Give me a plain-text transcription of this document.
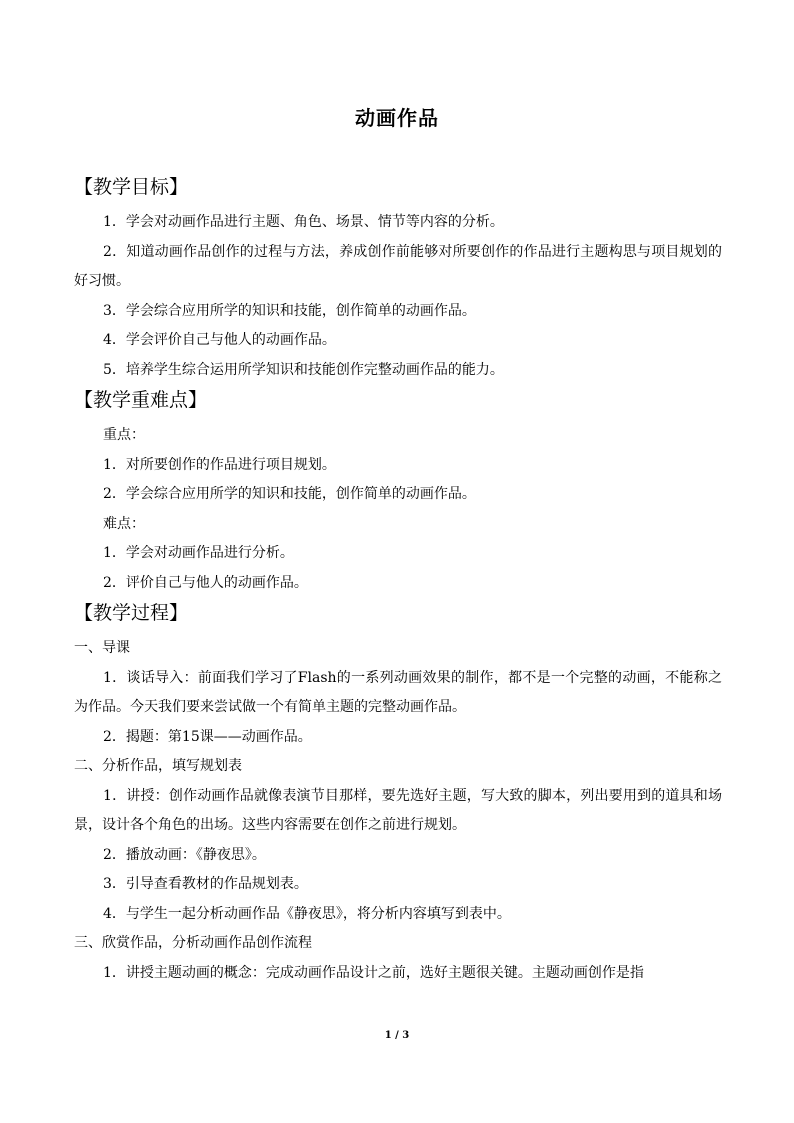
动画作品
【教学目标】

1．学会对动画作品进行主题、角色、场景、情节等内容的分析。

2．知道动画作品创作的过程与方法，养成创作前能够对所要创作的作品进行主题构思与项目规划的好习惯。

3．学会综合应用所学的知识和技能，创作简单的动画作品。

4．学会评价自己与他人的动画作品。

5．培养学生综合运用所学知识和技能创作完整动画作品的能力。

【教学重难点】

重点：

1．对所要创作的作品进行项目规划。

2．学会综合应用所学的知识和技能，创作简单的动画作品。

难点：

1．学会对动画作品进行分析。

2．评价自己与他人的动画作品。

【教学过程】

一、导课

1．谈话导入：前面我们学习了Flash的一系列动画效果的制作，都不是一个完整的动画，不能称之为作品。今天我们要来尝试做一个有简单主题的完整动画作品。

2．揭题：第15课——动画作品。

二、分析作品，填写规划表

1．讲授：创作动画作品就像表演节目那样，要先选好主题，写大致的脚本，列出要用到的道具和场景，设计各个角色的出场。这些内容需要在创作之前进行规划。

2．播放动画：《静夜思》。

3．引导查看教材的作品规划表。

4．与学生一起分析动画作品《静夜思》，将分析内容填写到表中。

三、欣赏作品，分析动画作品创作流程

1．讲授主题动画的概念：完成动画作品设计之前，选好主题很关键。主题动画创作是指

1 / 3
